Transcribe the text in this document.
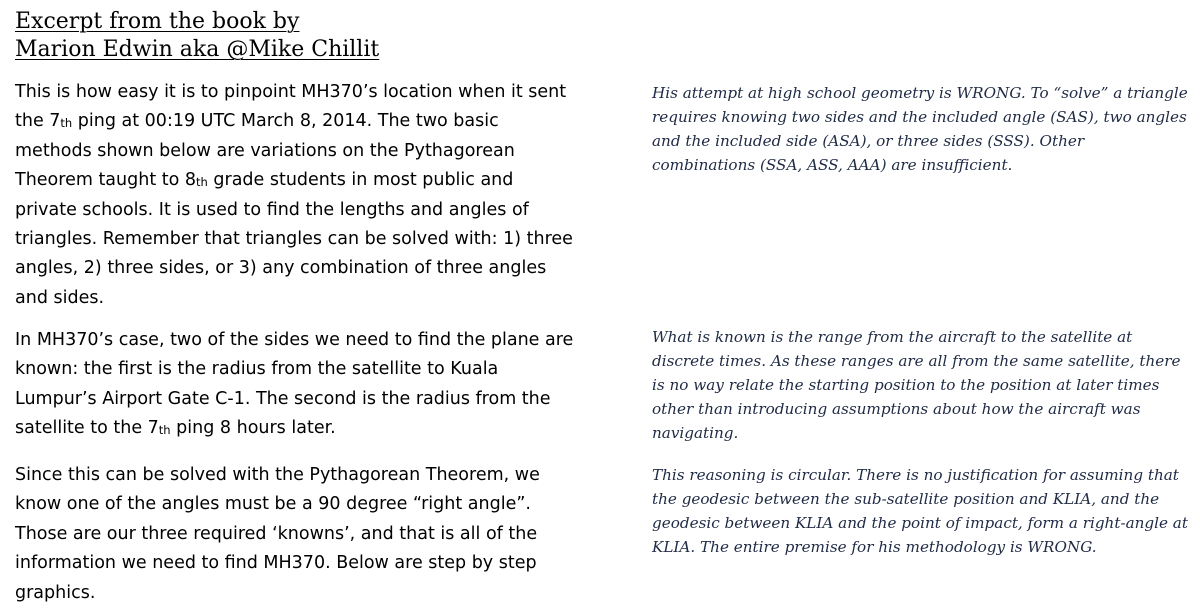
Excerpt from the book by
Marion Edwin aka @Mike Chillit
This is how easy it is to pinpoint MH370’s location when it sent the $7_{th}$ ping at 00:19 UTC March 8, 2014. The two basic methods shown below are variations on the Pythagorean Theorem taught to $8_{th}$ grade students in most public and private schools. It is used to find the lengths and angles of triangles. Remember that triangles can be solved with: 1) three angles, 2) three sides, or 3) any combination of three angles and sides.
In MH370’s case, two of the sides we need to find the plane are known: the first is the radius from the satellite to Kuala Lumpur’s Airport Gate C-1. The second is the radius from the satellite to the $7_{th}$ ping 8 hours later.
Since this can be solved with the Pythagorean Theorem, we know one of the angles must be a 90 degree “right angle”. Those are our three required ‘knowns’, and that is all of the information we need to find MH370. Below are step by step graphics.
His attempt at high school geometry is WRONG. To “solve” a triangle requires knowing two sides and the included angle (SAS), two angles and the included side (ASA), or three sides (SSS). Other combinations (SSA, ASS, AAA) are insufficient.
What is known is the range from the aircraft to the satellite at discrete times. As these ranges are all from the same satellite, there is no way relate the starting position to the position at later times other than introducing assumptions about how the aircraft was navigating.
This reasoning is circular. There is no justification for assuming that the geodesic between the sub-satellite position and KLIA, and the geodesic between KLIA and the point of impact, form a right-angle at KLIA. The entire premise for his methodology is WRONG.
